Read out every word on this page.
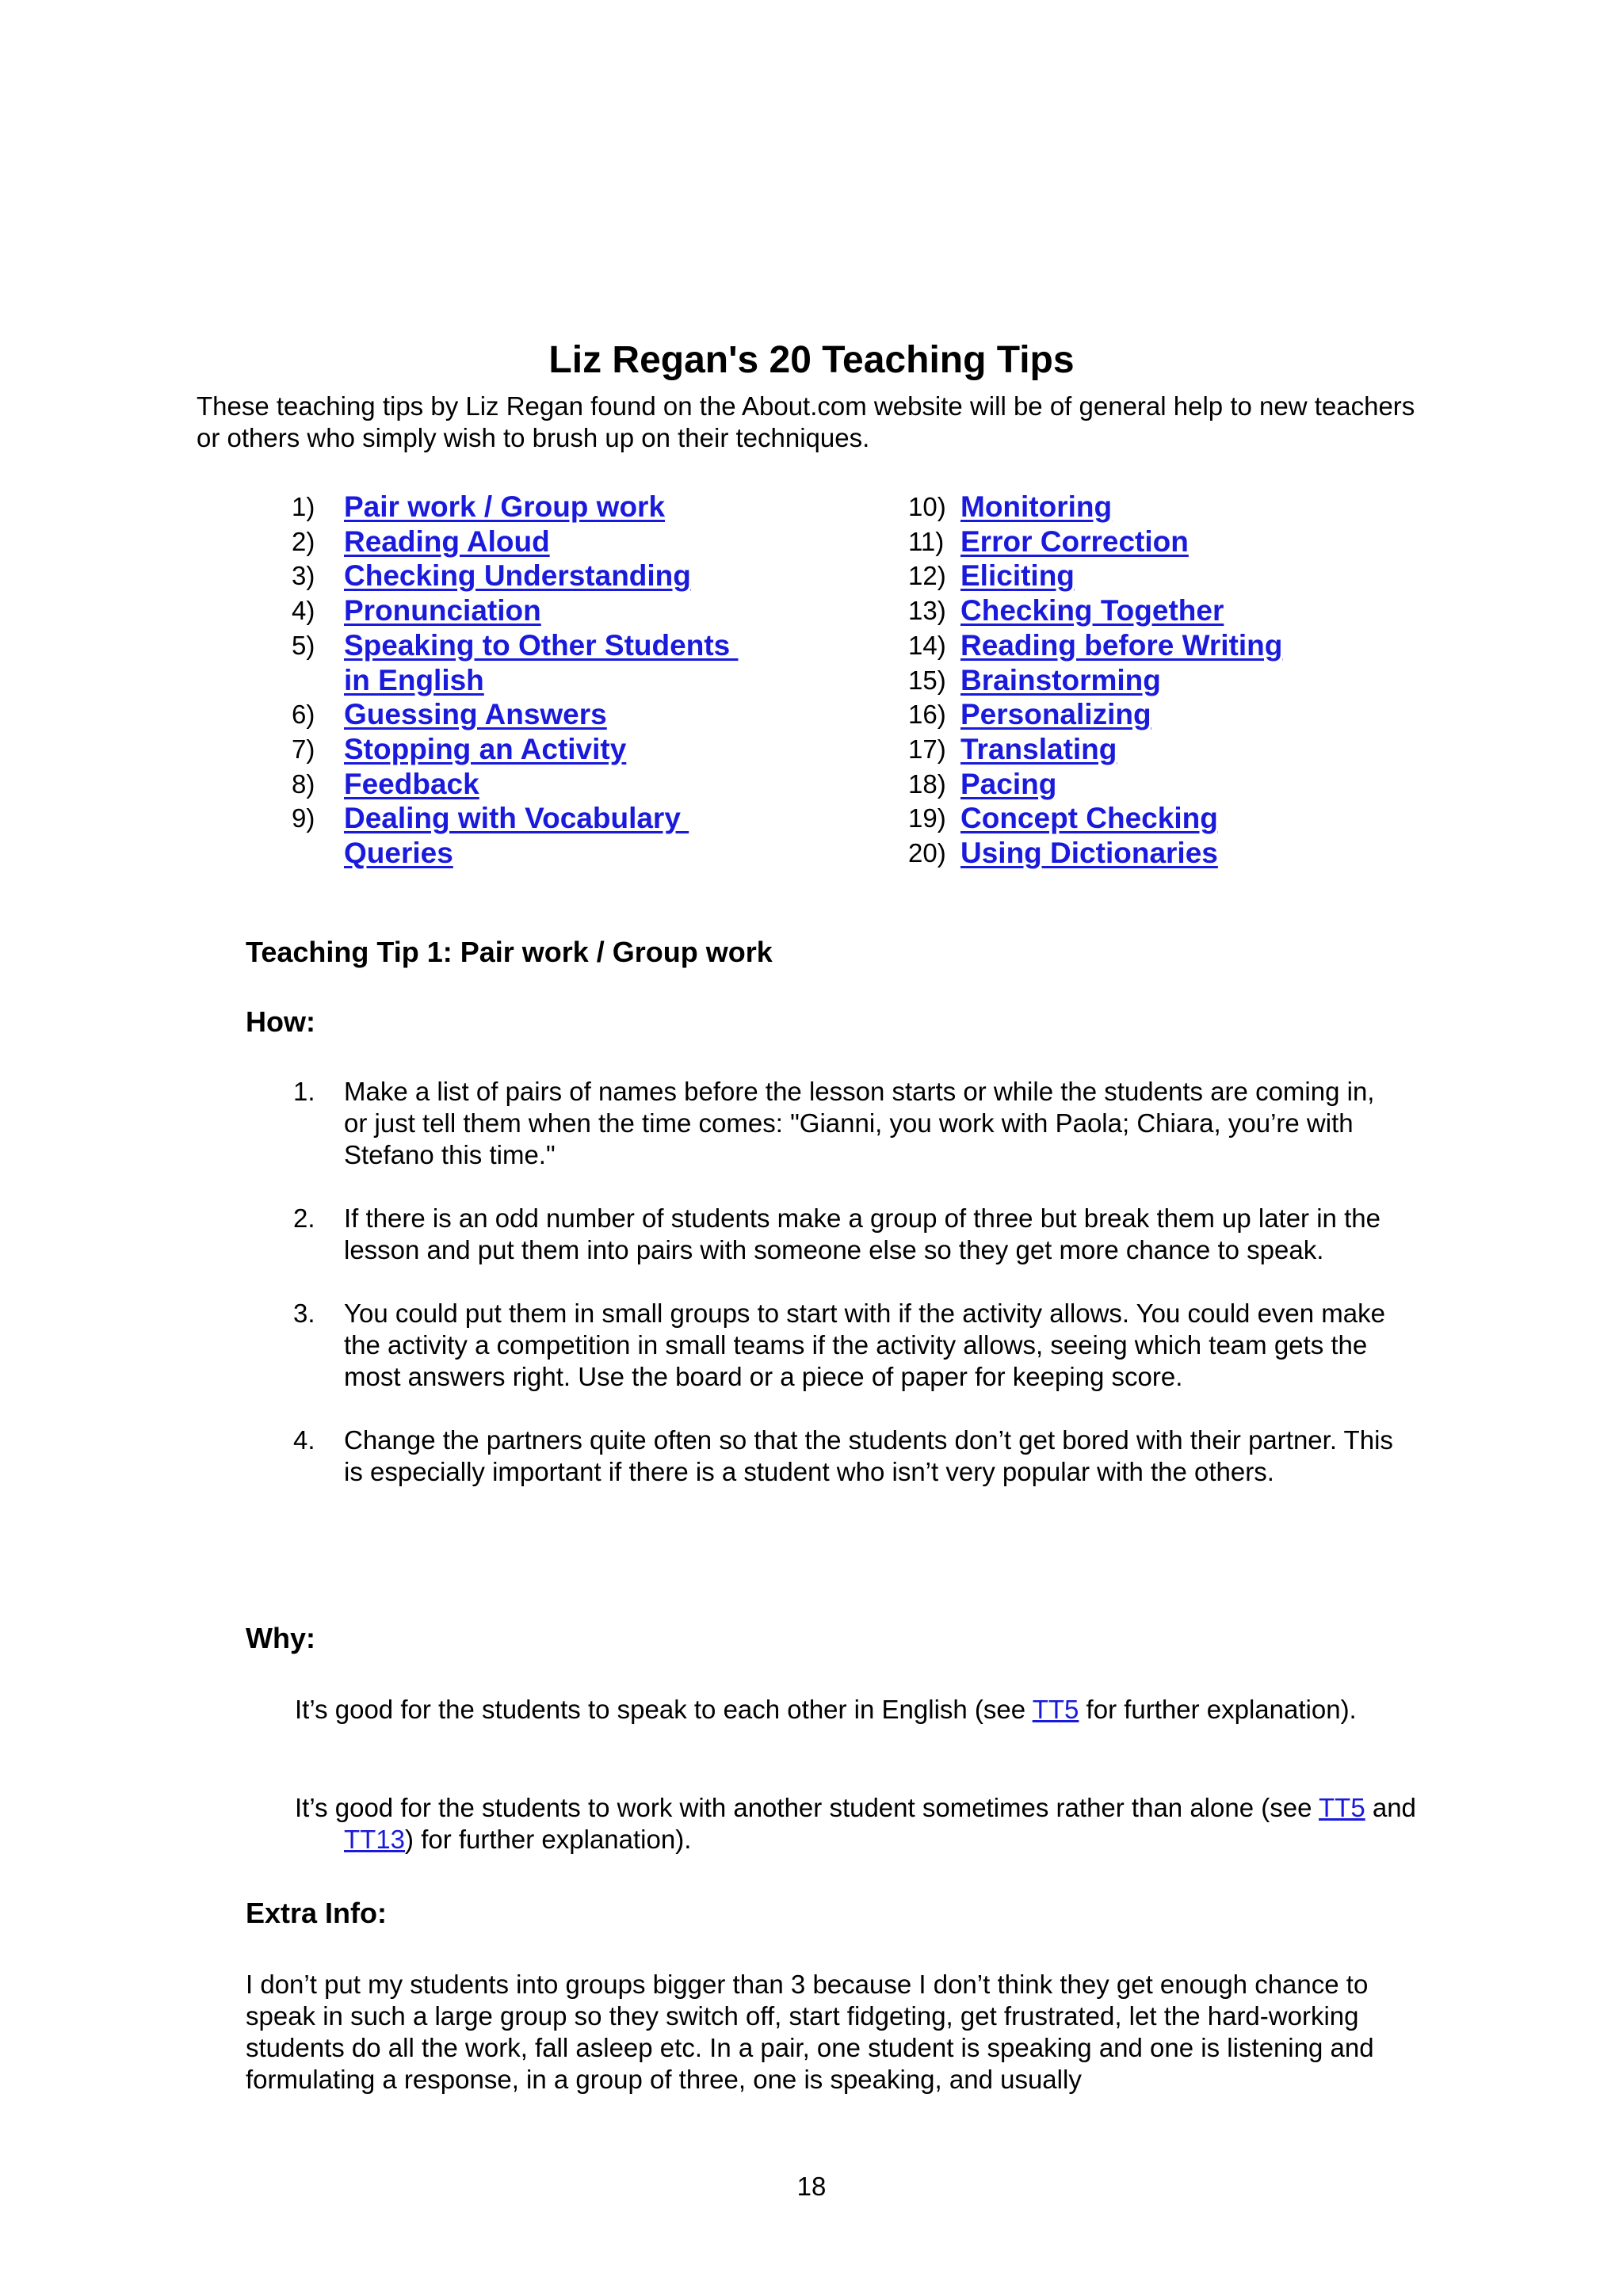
Liz Regan's 20 Teaching Tips
These teaching tips by Liz Regan found on the About.com website will be of general help to new teachers or others who simply wish to brush up on their techniques.
1) Pair work / Group work
2) Reading Aloud
3) Checking Understanding
4) Pronunciation
5) Speaking to Other Students
in English
6) Guessing Answers
7) Stopping an Activity
8) Feedback
9) Dealing with Vocabulary
Queries
10) Monitoring
11) Error Correction
12) Eliciting
13) Checking Together
14) Reading before Writing
15) Brainstorming
16) Personalizing
17) Translating
18) Pacing
19) Concept Checking
20) Using Dictionaries
Teaching Tip 1: Pair work / Group work
How:
1.	Make a list of pairs of names before the lesson starts or while the students are coming in, or just tell them when the time comes: "Gianni, you work with Paola; Chiara, you’re with Stefano this time."
2.	If there is an odd number of students make a group of three but break them up later in the lesson and put them into pairs with someone else so they get more chance to speak.
3.	You could put them in small groups to start with if the activity allows. You could even make the activity a competition in small teams if the activity allows, seeing which team gets the most answers right. Use the board or a piece of paper for keeping score.
4.	Change the partners quite often so that the students don’t get bored with their partner. This is especially important if there is a student who isn’t very popular with the others.
Why:
It’s good for the students to speak to each other in English (see TT5 for further explanation).
It’s good for the students to work with another student sometimes rather than alone (see TT5 and TT13) for further explanation).
Extra Info:
I don’t put my students into groups bigger than 3 because I don’t think they get enough chance to speak in such a large group so they switch off, start fidgeting, get frustrated, let the hard-working students do all the work, fall asleep etc. In a pair, one student is speaking and one is listening and formulating a response, in a group of three, one is speaking, and usually
18
